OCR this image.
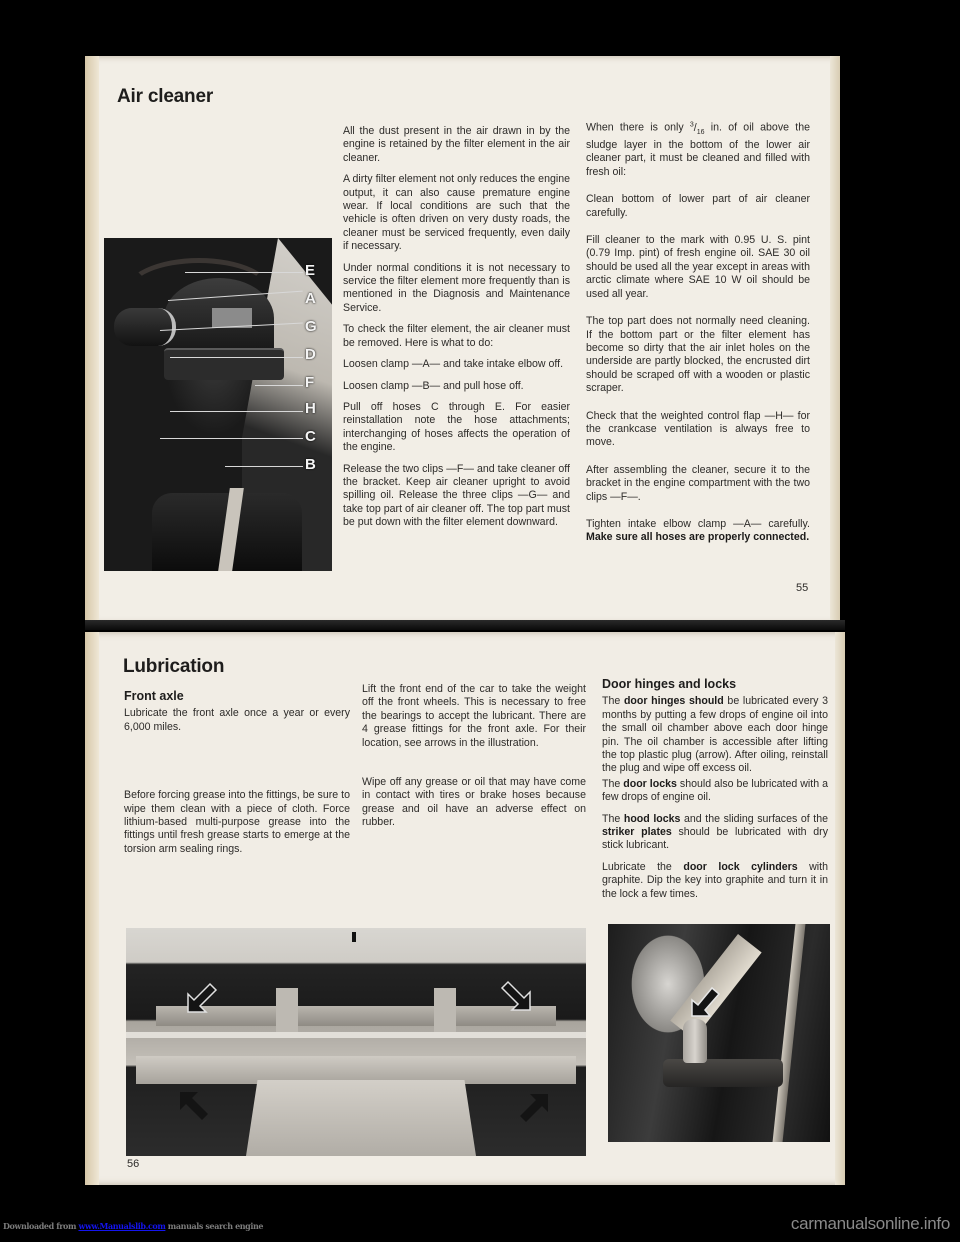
Air cleaner
E
A
G
D
F
H
C
B

All the dust present in the air drawn in by the engine is retained by the filter element in the air cleaner.

A dirty filter element not only reduces the engine output, it can also cause premature engine wear. If local conditions are such that the vehicle is often driven on very dusty roads, the cleaner must be serviced frequently, even daily if necessary.

Under normal conditions it is not necessary to service the filter element more frequently than is mentioned in the Diagnosis and Maintenance Service.

To check the filter element, the air cleaner must be removed. Here is what to do:

Loosen clamp —A— and take intake elbow off.

Loosen clamp —B— and pull hose off.

Pull off hoses C through E. For easier reinstallation note the hose attachments; interchanging of hoses affects the operation of the engine.

Release the two clips —F— and take cleaner off the bracket. Keep air cleaner upright to avoid spilling oil. Release the three clips —G— and take top part of air cleaner off. The top part must be put down with the filter element downward.

When there is only $^3/_{16}$ in. of oil above the sludge layer in the bottom of the lower air cleaner part, it must be cleaned and filled with fresh oil:

Clean bottom of lower part of air cleaner carefully.

Fill cleaner to the mark with 0.95 U. S. pint (0.79 Imp. pint) of fresh engine oil. SAE 30 oil should be used all the year except in areas with arctic climate where SAE 10 W oil should be used all year.

The top part does not normally need cleaning. If the bottom part or the filter element has become so dirty that the air inlet holes on the underside are partly blocked, the encrusted dirt should be scraped off with a wooden or plastic scraper.

Check that the weighted control flap —H— for the crankcase ventilation is always free to move.

After assembling the cleaner, secure it to the bracket in the engine compartment with the two clips —F—.

Tighten intake elbow clamp —A— carefully. Make sure all hoses are properly connected.

55
Lubrication
Front axle

Lubricate the front axle once a year or every 6,000 miles.

Before forcing grease into the fittings, be sure to wipe them clean with a piece of cloth. Force lithium-based multi-purpose grease into the fittings until fresh grease starts to emerge at the torsion arm sealing rings.

Lift the front end of the car to take the weight off the front wheels. This is necessary to free the bearings to accept the lubricant. There are 4 grease fittings for the front axle. For their location, see arrows in the illustration.

Wipe off any grease or oil that may have come in contact with tires or brake hoses because grease and oil have an adverse effect on rubber.

Door hinges and locks

The door hinges should be lubricated every 3 months by putting a few drops of engine oil into the small oil chamber above each door hinge pin. The oil chamber is accessible after lifting the top plastic plug (arrow). After oiling, reinstall the plug and wipe off excess oil.

The door locks should also be lubricated with a few drops of engine oil.

The hood locks and the sliding surfaces of the striker plates should be lubricated with dry stick lubricant.

Lubricate the door lock cylinders with graphite. Dip the key into graphite and turn it in the lock a few times.

56
Downloaded from www.Manualslib.com manuals search engine	carmanualsonline.info
